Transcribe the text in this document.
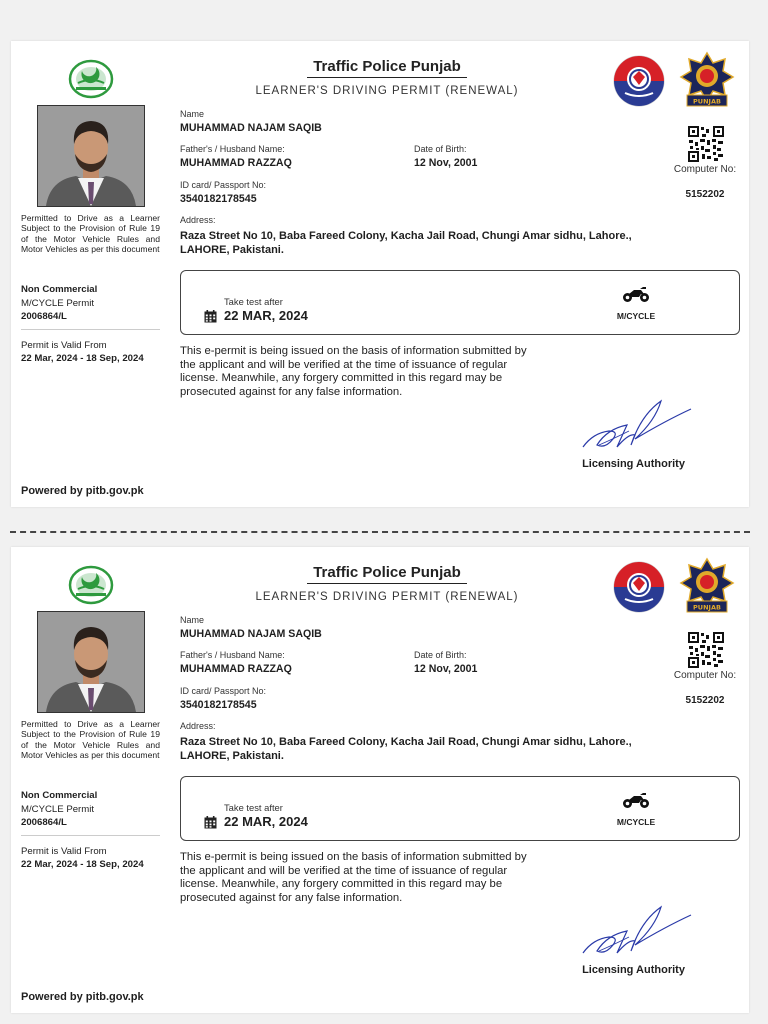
Traffic Police Punjab
LEARNER'S DRIVING PERMIT (RENEWAL)
PUNJAB
Permitted to Drive as a Learner Subject to the Provision of Rule 19 of the Motor Vehicle Rules and Motor Vehicles as per this document
Non Commercial
M/CYCLE Permit
2006864/L
Permit is Valid From
22 Mar, 2024 - 18 Sep, 2024
Powered by pitb.gov.pk
Name
MUHAMMAD NAJAM SAQIB
Father's / Husband Name:
MUHAMMAD RAZZAQ
Date of Birth:
12 Nov, 2001
ID card/ Passport No:
3540182178545
Address:
Raza Street No 10, Baba Fareed Colony, Kacha Jail Road, Chungi Amar sidhu, Lahore., LAHORE, Pakistani.
Computer No:
5152202
Take test after
22 MAR, 2024	M/CYCLE
This e-permit is being issued on the basis of information submitted by the applicant and will be verified at the time of issuance of regular license. Meanwhile, any forgery committed in this regard may be prosecuted against for any false information.
Licensing Authority
Traffic Police Punjab
LEARNER'S DRIVING PERMIT (RENEWAL)
PUNJAB
Permitted to Drive as a Learner Subject to the Provision of Rule 19 of the Motor Vehicle Rules and Motor Vehicles as per this document
Non Commercial
M/CYCLE Permit
2006864/L
Permit is Valid From
22 Mar, 2024 - 18 Sep, 2024
Powered by pitb.gov.pk
Name
MUHAMMAD NAJAM SAQIB
Father's / Husband Name:
MUHAMMAD RAZZAQ
Date of Birth:
12 Nov, 2001
ID card/ Passport No:
3540182178545
Address:
Raza Street No 10, Baba Fareed Colony, Kacha Jail Road, Chungi Amar sidhu, Lahore., LAHORE, Pakistani.
Computer No:
5152202
Take test after
22 MAR, 2024	M/CYCLE
This e-permit is being issued on the basis of information submitted by the applicant and will be verified at the time of issuance of regular license. Meanwhile, any forgery committed in this regard may be prosecuted against for any false information.
Licensing Authority
